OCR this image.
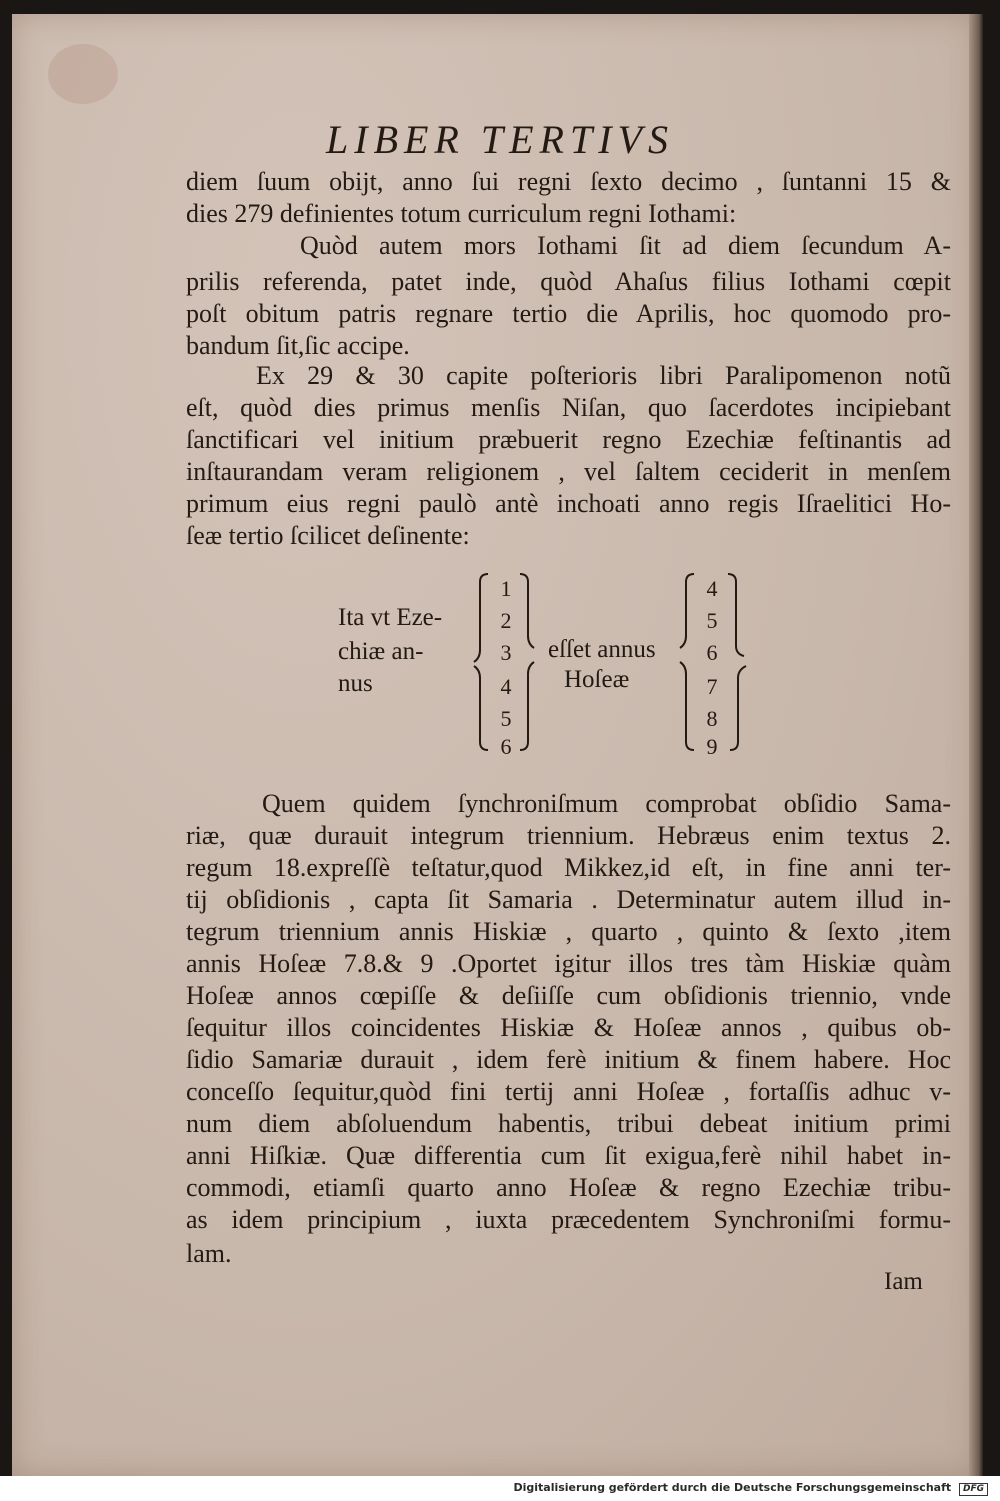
LIBER TERTIVS
diem ſuum obijt, anno ſui regni ſexto decimo , ſuntanni 15 &
dies 279 definientes totum curriculum regni Iothami:
Quòd autem mors Iothami ſit ad diem ſecundum A-
prilis referenda, patet inde, quòd Ahaſus filius Iothami cœpit
poſt obitum patris regnare tertio die Aprilis, hoc quomodo pro-
bandum ſit,ſic accipe.
Ex 29 & 30 capite poſterioris libri Paralipomenon notũ
eſt, quòd dies primus menſis Niſan, quo ſacerdotes incipiebant
ſanctificari vel initium præbuerit regno Ezechiæ feſtinantis ad
inſtaurandam veram religionem , vel ſaltem ceciderit in menſem
primum eius regni paulò antè inchoati anno regis Iſraelitici Ho-
ſeæ tertio ſcilicet deſinente:
Ita vt Eze-
chiæ an-
nus
1
2
3
4
5
6
eſſet annus
Hoſeæ
4
5
6
7
8
9
Quem quidem ſynchroniſmum comprobat obſidio Sama-
riæ, quæ durauit integrum triennium. Hebræus enim textus 2.
regum 18.expreſſè teſtatur,quod Mikkez,id eſt, in fine anni ter-
tij obſidionis , capta ſit Samaria . Determinatur autem illud in-
tegrum triennium annis Hiskiæ , quarto , quinto & ſexto ,item
annis Hoſeæ 7.8.& 9 .Oportet igitur illos tres tàm Hiskiæ quàm
Hoſeæ annos cœpiſſe & deſiiſſe cum obſidionis triennio, vnde
ſequitur illos coincidentes Hiskiæ & Hoſeæ annos , quibus ob-
ſidio Samariæ durauit , idem ferè initium & finem habere. Hoc
conceſſo ſequitur,quòd fini tertij anni Hoſeæ , fortaſſis adhuc v-
num diem abſoluendum habentis, tribui debeat initium primi
anni Hiſkiæ. Quæ differentia cum ſit exigua,ferè nihil habet in-
commodi, etiamſi quarto anno Hoſeæ & regno Ezechiæ tribu-
as idem principium , iuxta præcedentem Synchroniſmi formu-
lam.
Iam
Digitalisierung gefördert durch die Deutsche Forschungsgemeinschaft DFG
